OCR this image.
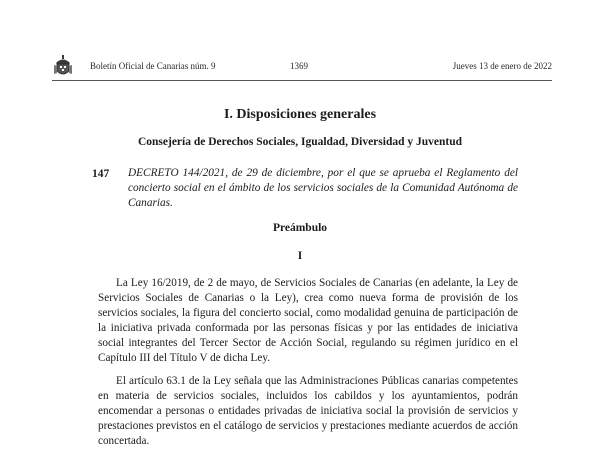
Boletín Oficial de Canarias núm. 9	1369	Jueves 13 de enero de 2022
I. Disposiciones generales
Consejería de Derechos Sociales, Igualdad, Diversidad y Juventud
147 DECRETO 144/2021, de 29 de diciembre, por el que se aprueba el Reglamento del concierto social en el ámbito de los servicios sociales de la Comunidad Autónoma de Canarias.
Preámbulo
I

La Ley 16/2019, de 2 de mayo, de Servicios Sociales de Canarias (en adelante, la Ley de Servicios Sociales de Canarias o la Ley), crea como nueva forma de provisión de los servicios sociales, la figura del concierto social, como modalidad genuina de participación de la iniciativa privada conformada por las personas físicas y por las entidades de iniciativa social integrantes del Tercer Sector de Acción Social, regulando su régimen jurídico en el Capítulo III del Título V de dicha Ley.

El artículo 63.1 de la Ley señala que las Administraciones Públicas canarias competentes en materia de servicios sociales, incluidos los cabildos y los ayuntamientos, podrán encomendar a personas o entidades privadas de iniciativa social la provisión de servicios y prestaciones previstos en el catálogo de servicios y prestaciones mediante acuerdos de acción concertada.
